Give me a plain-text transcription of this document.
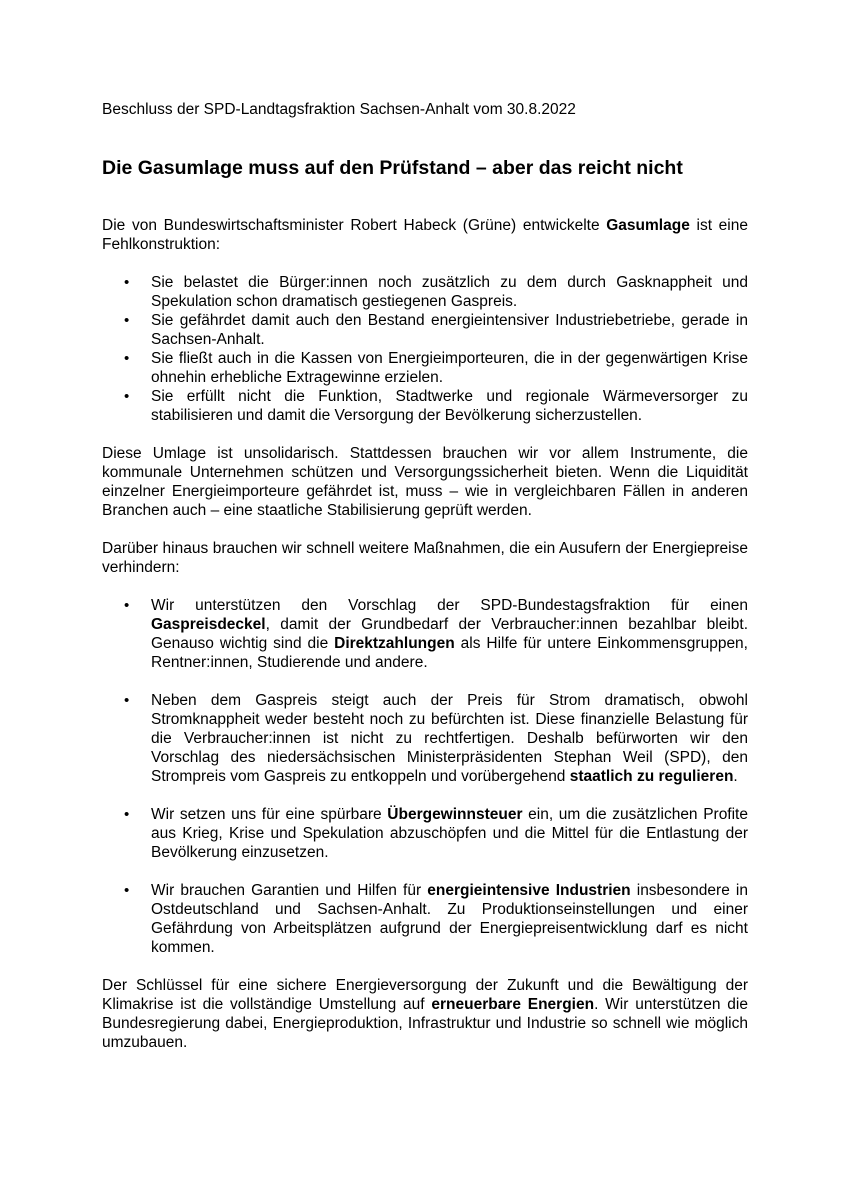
Beschluss der SPD-Landtagsfraktion Sachsen-Anhalt vom 30.8.2022

Die Gasumlage muss auf den Prüfstand – aber das reicht nicht

Die von Bundeswirtschaftsminister Robert Habeck (Grüne) entwickelte Gasumlage ist eine Fehlkonstruktion:

• Sie belastet die Bürger:innen noch zusätzlich zu dem durch Gasknappheit und Spekulation schon dramatisch gestiegenen Gaspreis.
• Sie gefährdet damit auch den Bestand energieintensiver Industriebetriebe, gerade in Sachsen-Anhalt.
• Sie fließt auch in die Kassen von Energieimporteuren, die in der gegenwärtigen Krise ohnehin erhebliche Extragewinne erzielen.
• Sie erfüllt nicht die Funktion, Stadtwerke und regionale Wärmeversorger zu stabilisieren und damit die Versorgung der Bevölkerung sicherzustellen.

Diese Umlage ist unsolidarisch. Stattdessen brauchen wir vor allem Instrumente, die kommunale Unternehmen schützen und Versorgungssicherheit bieten. Wenn die Liquidität einzelner Energieimporteure gefährdet ist, muss – wie in vergleichbaren Fällen in anderen Branchen auch – eine staatliche Stabilisierung geprüft werden.

Darüber hinaus brauchen wir schnell weitere Maßnahmen, die ein Ausufern der Energiepreise verhindern:

• Wir unterstützen den Vorschlag der SPD-Bundestagsfraktion für einen Gaspreisdeckel, damit der Grundbedarf der Verbraucher:innen bezahlbar bleibt. Genauso wichtig sind die Direktzahlungen als Hilfe für untere Einkommensgruppen, Rentner:innen, Studierende und andere.
• Neben dem Gaspreis steigt auch der Preis für Strom dramatisch, obwohl Stromknappheit weder besteht noch zu befürchten ist. Diese finanzielle Belastung für die Verbraucher:innen ist nicht zu rechtfertigen. Deshalb befürworten wir den Vorschlag des niedersächsischen Ministerpräsidenten Stephan Weil (SPD), den Strompreis vom Gaspreis zu entkoppeln und vorübergehend staatlich zu regulieren.
• Wir setzen uns für eine spürbare Übergewinnsteuer ein, um die zusätzlichen Profite aus Krieg, Krise und Spekulation abzuschöpfen und die Mittel für die Entlastung der Bevölkerung einzusetzen.
• Wir brauchen Garantien und Hilfen für energieintensive Industrien insbesondere in Ostdeutschland und Sachsen-Anhalt. Zu Produktionseinstellungen und einer Gefährdung von Arbeitsplätzen aufgrund der Energiepreisentwicklung darf es nicht kommen.

Der Schlüssel für eine sichere Energieversorgung der Zukunft und die Bewältigung der Klimakrise ist die vollständige Umstellung auf erneuerbare Energien. Wir unterstützen die Bundesregierung dabei, Energieproduktion, Infrastruktur und Industrie so schnell wie möglich umzubauen.
